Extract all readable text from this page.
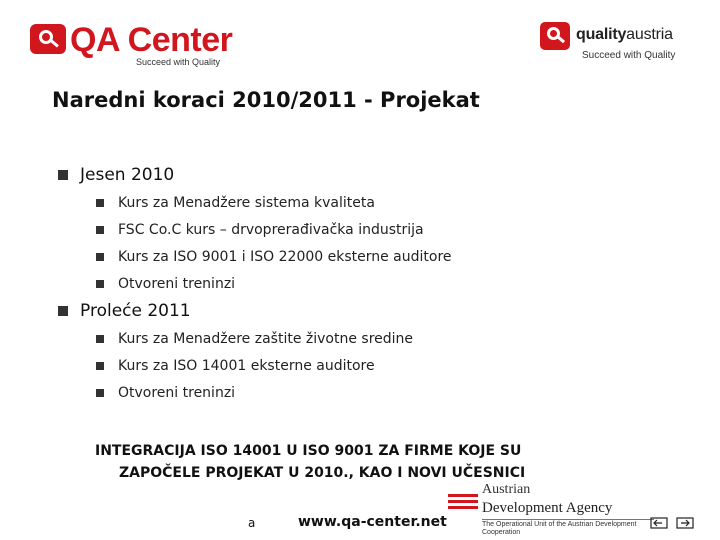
QA Center
Succeed with Quality
qualityaustria
Succeed with Quality
Naredni koraci 2010/2011 - Projekat
Jesen 2010
Kurs za Menadžere sistema kvaliteta
FSC Co.C kurs – drvoprerađivačka industrija
Kurs za ISO 9001 i ISO 22000 eksterne auditore
Otvoreni treninzi
Proleće 2011
Kurs za Menadžere zaštite životne sredine
Kurs za ISO 14001 eksterne auditore
Otvoreni treninzi
INTEGRACIJA ISO 14001 U ISO 9001 ZA FIRME KOJE SU
ZAPOČELE PROJEKAT U 2010., KAO I NOVI UČESNICI
a	www.qa-center.net
Austrian
Development Agency
The Operational Unit of the Austrian Development Cooperation
